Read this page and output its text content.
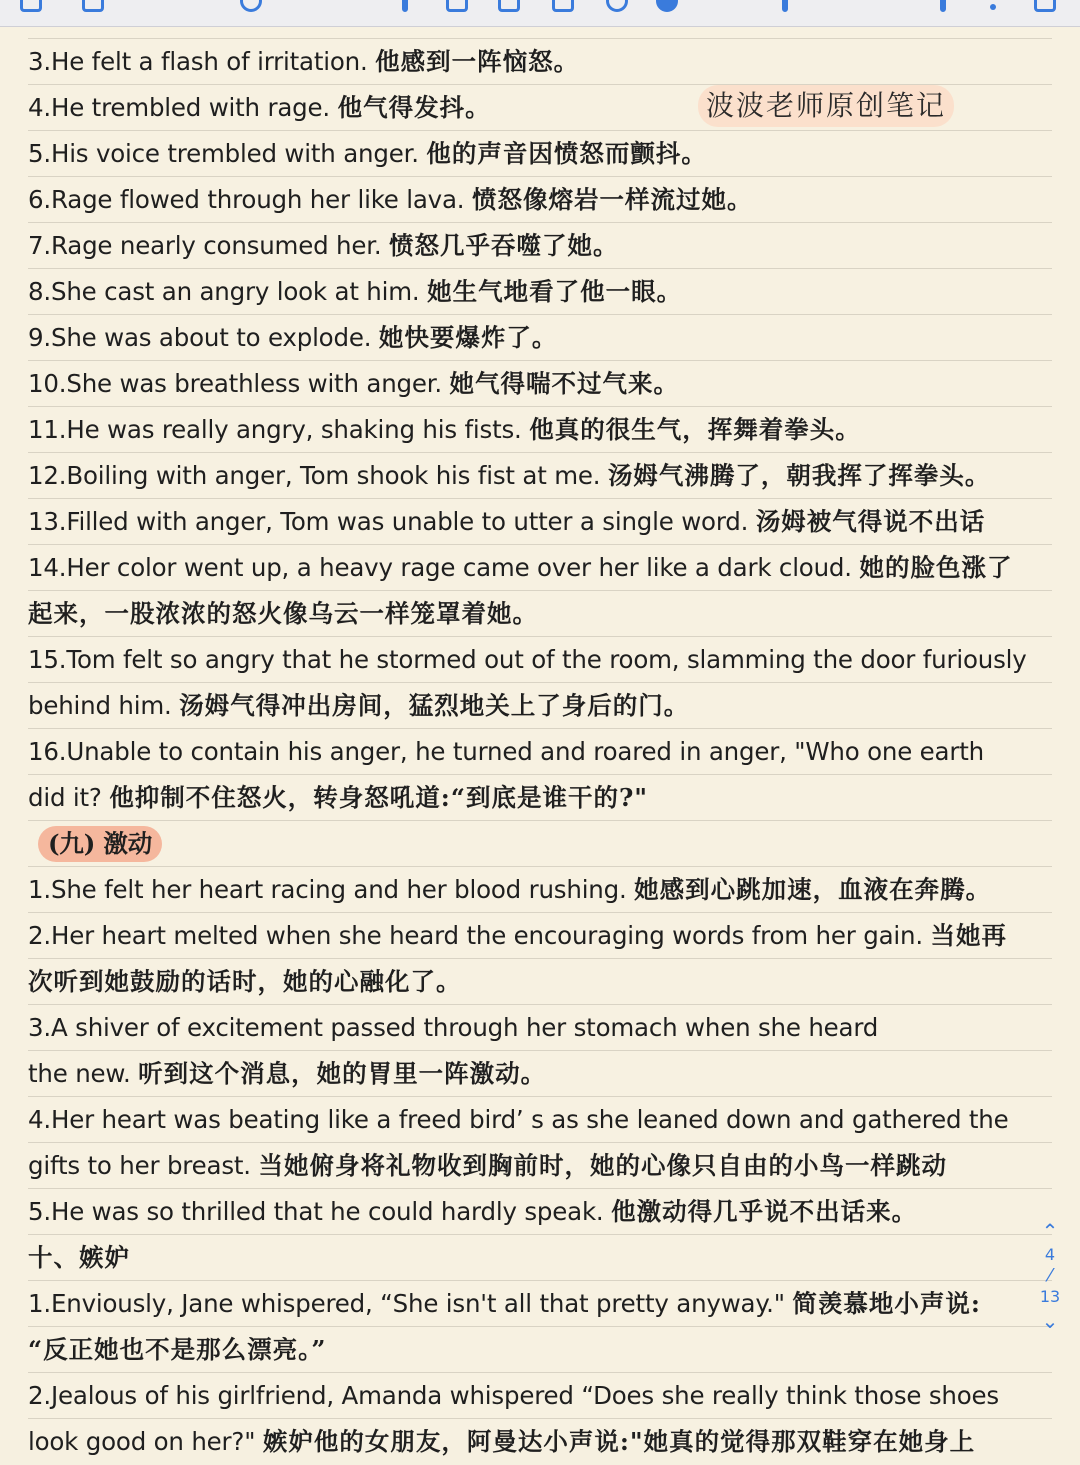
3.He felt a flash of irritation. 他感到一阵恼怒。
4.He trembled with rage. 他气得发抖。
5.His voice trembled with anger. 他的声音因愤怒而颤抖。
6.Rage flowed through her like lava. 愤怒像熔岩一样流过她。
7.Rage nearly consumed her. 愤怒几乎吞噬了她。
8.She cast an angry look at him. 她生气地看了他一眼。
9.She was about to explode. 她快要爆炸了。
10.She was breathless with anger. 她气得喘不过气来。
11.He was really angry, shaking his fists. 他真的很生气，挥舞着拳头。
12.Boiling with anger, Tom shook his fist at me. 汤姆气沸腾了，朝我挥了挥拳头。
13.Filled with anger, Tom was unable to utter a single word. 汤姆被气得说不出话
14.Her color went up, a heavy rage came over her like a dark cloud. 她的脸色涨了
起来，一股浓浓的怒火像乌云一样笼罩着她。
15.Tom felt so angry that he stormed out of the room, slamming the door furiously
behind him. 汤姆气得冲出房间，猛烈地关上了身后的门。
16.Unable to contain his anger, he turned and roared in anger, "Who one earth
did it? 他抑制不住怒火，转身怒吼道:“到底是谁干的?"
(九) 激动
1.She felt her heart racing and her blood rushing. 她感到心跳加速，血液在奔腾。
2.Her heart melted when she heard the encouraging words from her gain. 当她再
次听到她鼓励的话时，她的心融化了。
3.A shiver of excitement passed through her stomach when she heard
the new. 听到这个消息，她的胃里一阵激动。
4.Her heart was beating like a freed bird’ s as she leaned down and gathered the
gifts to her breast. 当她俯身将礼物收到胸前时，她的心像只自由的小鸟一样跳动
5.He was so thrilled that he could hardly speak. 他激动得几乎说不出话来。
十、嫉妒
1.Enviously, Jane whispered, “She isn't all that pretty anyway." 简羡慕地小声说:
“反正她也不是那么漂亮。”
2.Jealous of his girlfriend, Amanda whispered “Does she really think those shoes
look good on her?" 嫉妒他的女朋友，阿曼达小声说:"她真的觉得那双鞋穿在她身上
波波老师原创笔记
⌃
4
⁄
13
⌄
